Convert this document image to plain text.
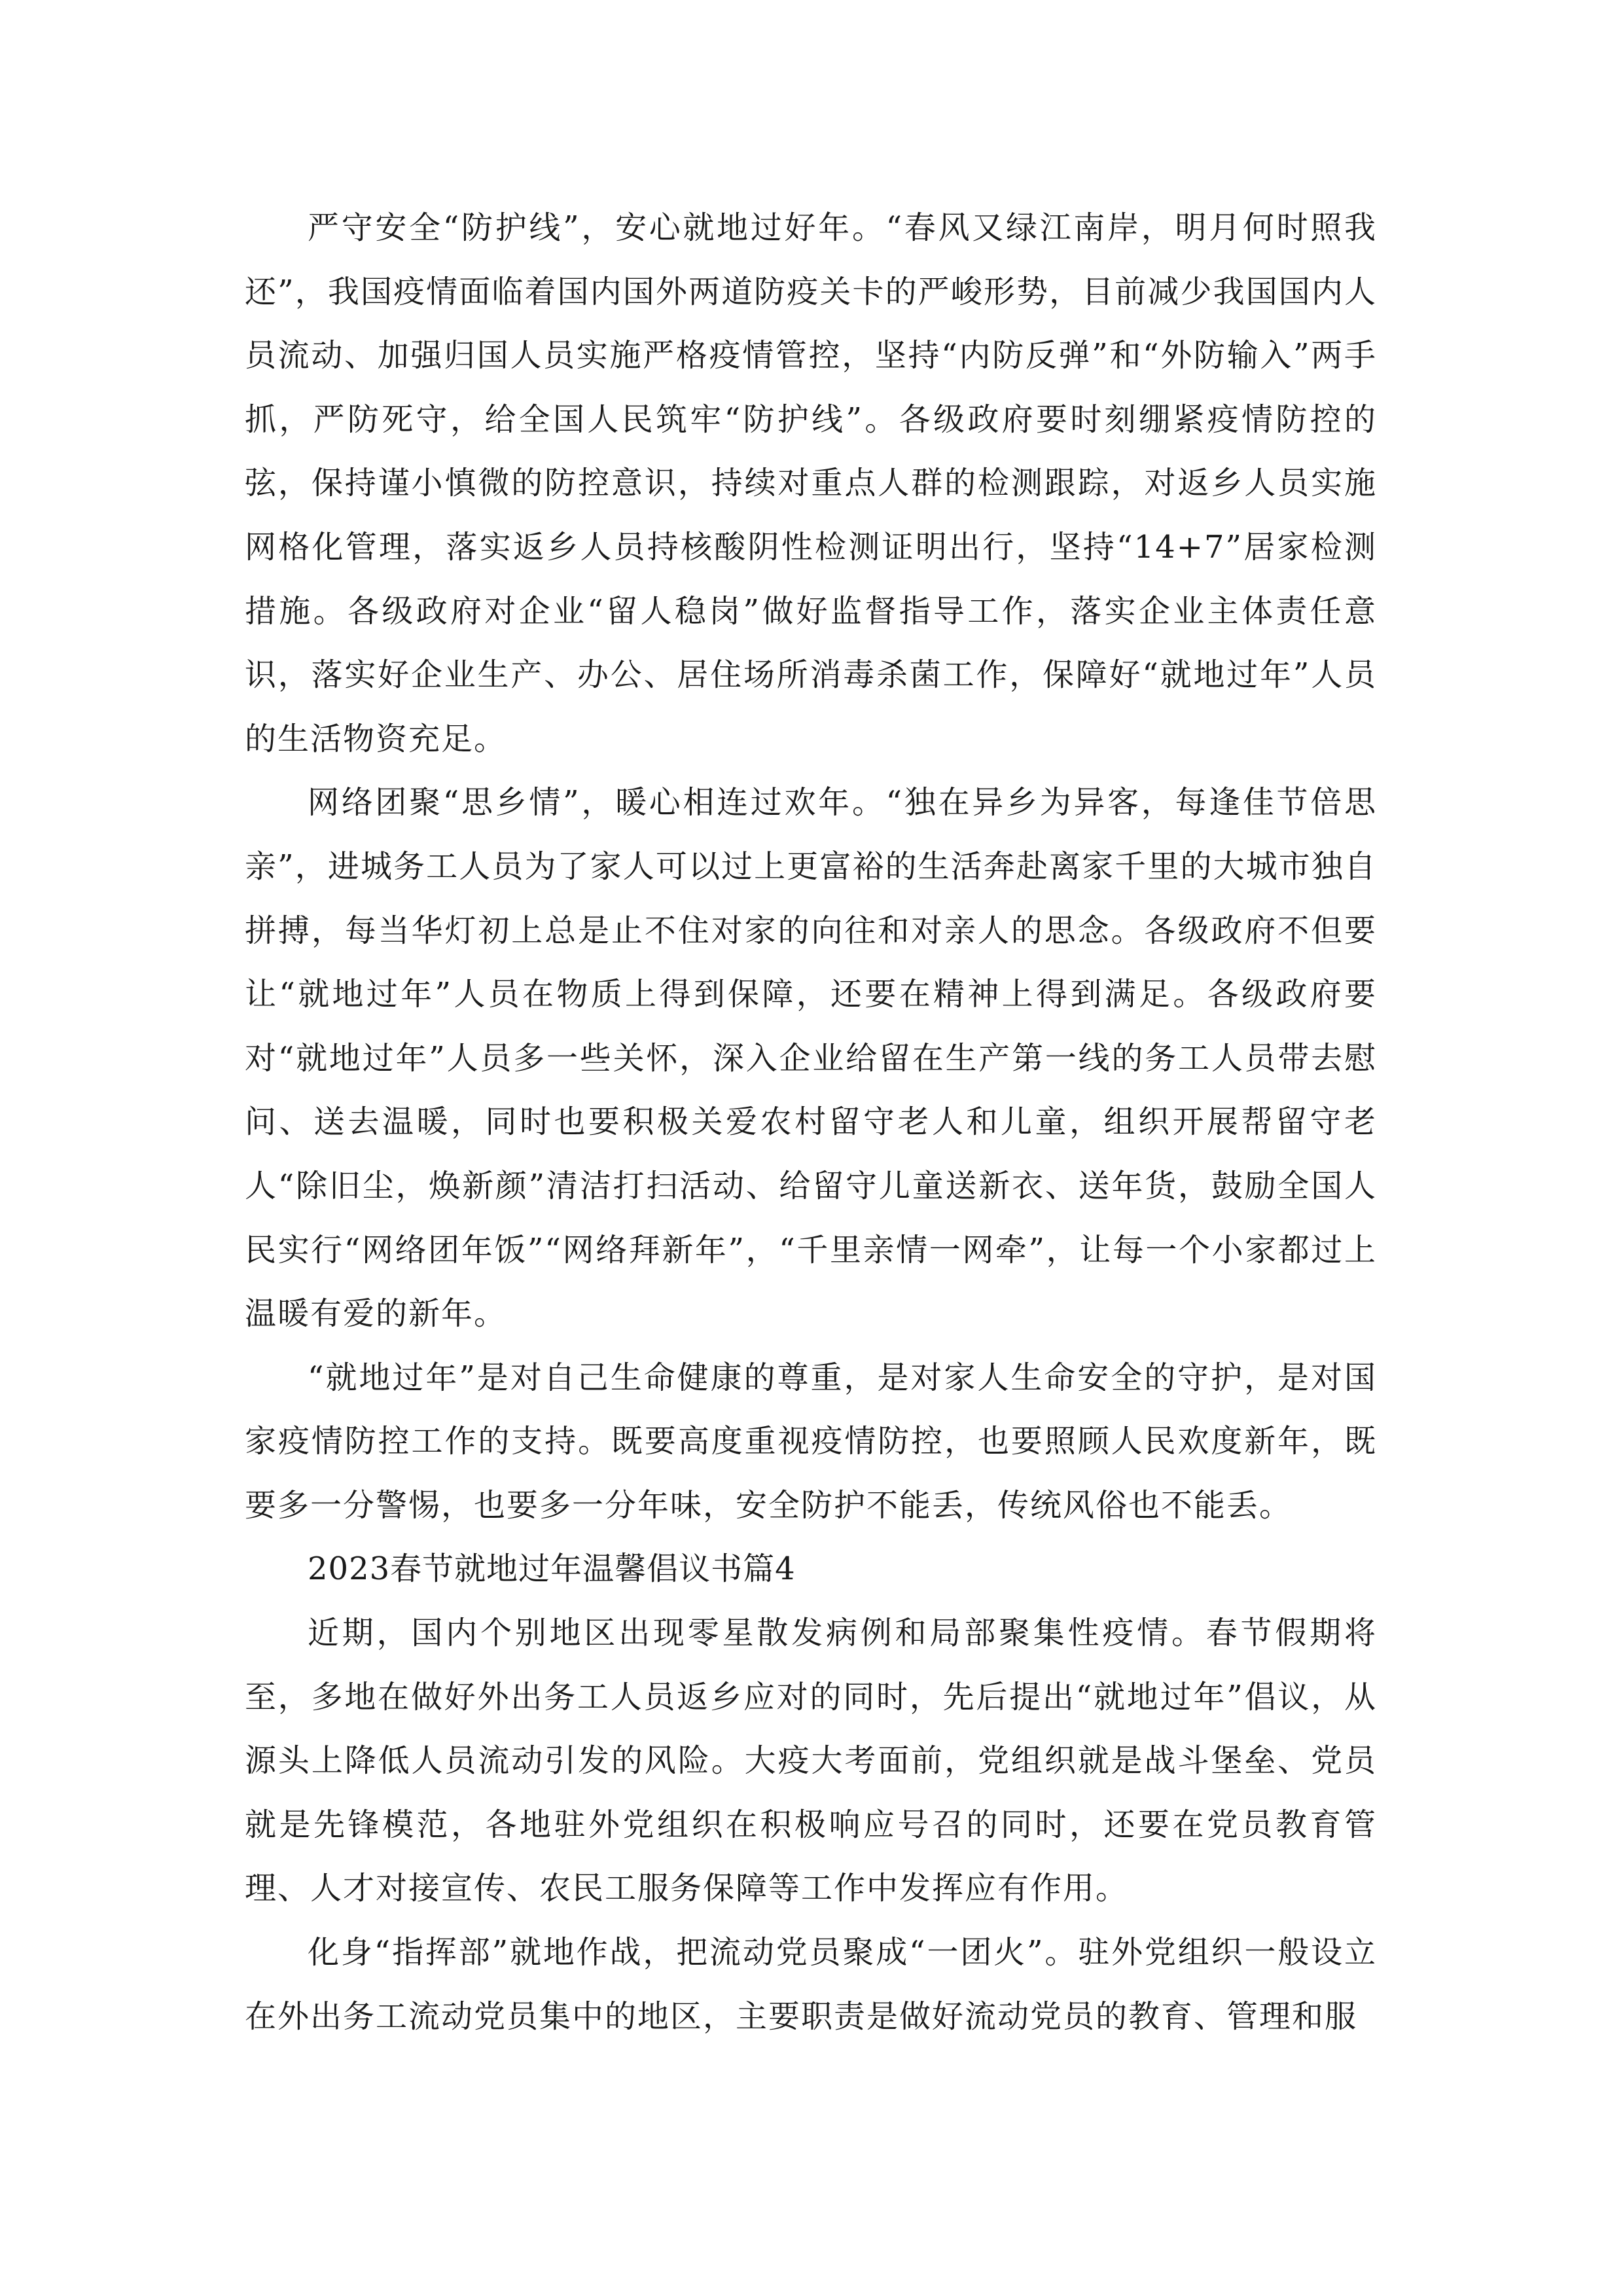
严守安全“防护线”，安心就地过好年。“春风又绿江南岸，明月何时照我还”，我国疫情面临着国内国外两道防疫关卡的严峻形势，目前减少我国国内人员流动、加强归国人员实施严格疫情管控，坚持“内防反弹”和“外防输入”两手抓，严防死守，给全国人民筑牢“防护线”。各级政府要时刻绷紧疫情防控的弦，保持谨小慎微的防控意识，持续对重点人群的检测跟踪，对返乡人员实施网格化管理，落实返乡人员持核酸阴性检测证明出行，坚持“14+7”居家检测措施。各级政府对企业“留人稳岗”做好监督指导工作，落实企业主体责任意识，落实好企业生产、办公、居住场所消毒杀菌工作，保障好“就地过年”人员的生活物资充足。

网络团聚“思乡情”，暖心相连过欢年。“独在异乡为异客，每逢佳节倍思亲”，进城务工人员为了家人可以过上更富裕的生活奔赴离家千里的大城市独自拼搏，每当华灯初上总是止不住对家的向往和对亲人的思念。各级政府不但要让“就地过年”人员在物质上得到保障，还要在精神上得到满足。各级政府要对“就地过年”人员多一些关怀，深入企业给留在生产第一线的务工人员带去慰问、送去温暖，同时也要积极关爱农村留守老人和儿童，组织开展帮留守老人“除旧尘，焕新颜”清洁打扫活动、给留守儿童送新衣、送年货，鼓励全国人民实行“网络团年饭”“网络拜新年”，“千里亲情一网牵”，让每一个小家都过上温暖有爱的新年。

“就地过年”是对自己生命健康的尊重，是对家人生命安全的守护，是对国家疫情防控工作的支持。既要高度重视疫情防控，也要照顾人民欢度新年，既要多一分警惕，也要多一分年味，安全防护不能丢，传统风俗也不能丢。

2023春节就地过年温馨倡议书篇4

近期，国内个别地区出现零星散发病例和局部聚集性疫情。春节假期将至，多地在做好外出务工人员返乡应对的同时，先后提出“就地过年”倡议，从源头上降低人员流动引发的风险。大疫大考面前，党组织就是战斗堡垒、党员就是先锋模范，各地驻外党组织在积极响应号召的同时，还要在党员教育管理、人才对接宣传、农民工服务保障等工作中发挥应有作用。

化身“指挥部”就地作战，把流动党员聚成“一团火”。驻外党组织一般设立在外出务工流动党员集中的地区，主要职责是做好流动党员的教育、管理和服
